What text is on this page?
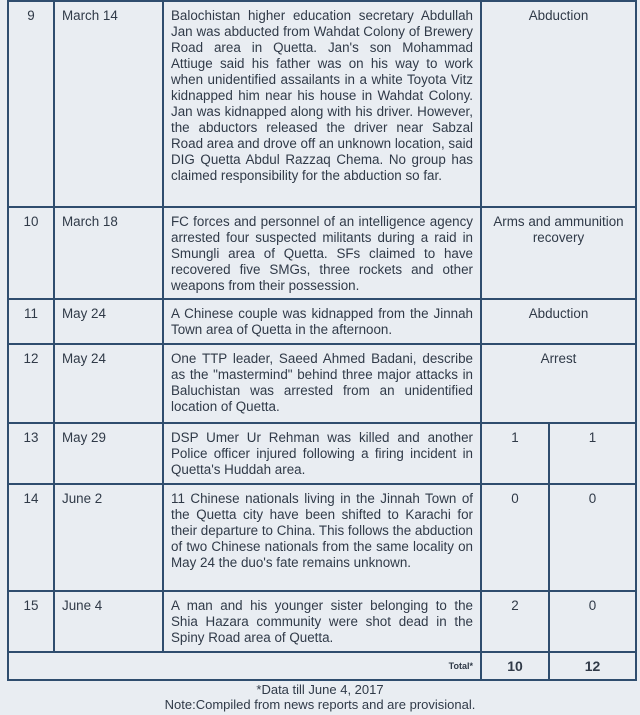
9	March 14	Balochistan higher education secretary Abdullah Jan was abducted from Wahdat Colony of Brewery Road area in Quetta. Jan's son Mohammad Attiuge said his father was on his way to work when unidentified assailants in a white Toyota Vitz kidnapped him near his house in Wahdat Colony. Jan was kidnapped along with his driver. However, the abductors released the driver near Sabzal Road area and drove off an unknown location, said DIG Quetta Abdul Razzaq Chema. No group has claimed responsibility for the abduction so far.	Abduction	
10	March 18	FC forces and personnel of an intelligence agency arrested four suspected militants during a raid in Smungli area of Quetta. SFs claimed to have recovered five SMGs, three rockets and other weapons from their possession.	Arms and ammunition recovery	
11	May 24	A Chinese couple was kidnapped from the Jinnah Town area of Quetta in the afternoon.	Abduction	
12	May 24	One TTP leader, Saeed Ahmed Badani, describe as the "mastermind" behind three major attacks in Baluchistan was arrested from an unidentified location of Quetta.	Arrest	
13	May 29	DSP Umer Ur Rehman was killed and another Police officer injured following a firing incident in Quetta's Huddah area.	1	1
14	June 2	11 Chinese nationals living in the Jinnah Town of the Quetta city have been shifted to Karachi for their departure to China. This follows the abduction of two Chinese nationals from the same locality on May 24 the duo's fate remains unknown.	0	0
15	June 4	A man and his younger sister belonging to the Shia Hazara community were shot dead in the Spiny Road area of Quetta.	2	0
Total*			10	12
*Data till June 4, 2017
Note:Compiled from news reports and are provisional.
